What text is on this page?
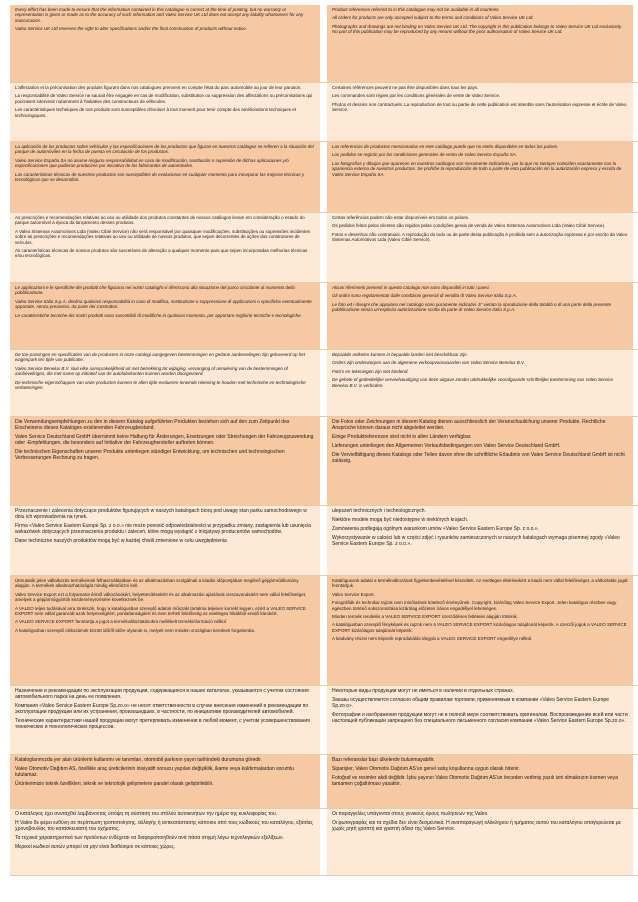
Every effort has been made to ensure that the information contained in this catalogue is correct at the time of printing, but no warranty or representation is given or made as to the accuracy of such information and Valeo Service UK Ltd does not accept any liability whatsoever for any inaccuracies.

Valeo Service UK Ltd reserves the right to alter specifications and/or the final construction of products without notice.

Product references referred to in this catalogue may not be available in all countries.

All orders for products are only accepted subject to the terms and conditions of Valeo Service UK Ltd.

Photographs and drawings are not binding on Valeo Service UK Ltd. The copyright in this publication belongs to Valeo Service UK Ltd exclusively. No part of this publication may be reproduced by any means without the prior authorisation of Valeo Service UK Ltd.

L'affectation et la préconisation des produits figurant dans nos catalogues prennent en compte l'état du parc automobile au jour de leur parution.

La responsabilité de Valeo Service ne saurait être engagée en cas de modification, substitution ou suppression des affectations ou préconisations qui pourraient intervenir notamment à l'initiative des constructeurs de véhicules.

Les caractéristiques techniques de nos produits sont susceptibles d'évoluer à tout moment pour tenir compte des améliorations techniques et technologiques.

Certaines références peuvent ne pas être disponibles dans tous les pays.

Les commandes sont régies par les conditions générales de vente de Valeo Service.

Photos et dessins non contractuels. La reproduction de tout ou partie de cette publication est interdite sans l'autorisation expresse et écrite de Valeo Service.

La aplicación de los productos sobre vehículos y las especificaciones de los productos que figuran en nuestros catálogos se refieren a la situación del parque de automóviles en la fecha de puesta en circulación de los productos.

Valeo Service España SA no asume ninguna responsabilidad en caso de modificación, sustitución o supresión de dichas aplicaciones y/o especificaciones que pudieran producirse por iniciativa de los fabricantes de automóviles.

Las características técnicas de nuestros productos son susceptibles de evolucionar en cualquier momento para incorporar las mejoras técnicas y tecnológicas que se desarrollan.

Las referencias de productos mencionadas en este catálogo puede que no estén disponibles en todos los países.

Los pedidos se regirán por las condiciones generales de venta de Valeo Service España SA.

Las fotografías y dibujos que aparecen en nuestros catálogos son meramente indicativas, por lo que no siempre coinciden exactamente con la apariencia externa de nuestros productos. Se prohíbe la reproducción de todo o parte de esta publicación sin la autorización expresa y escrita de Valeo Service España SA.

As prescrições e recomendações relativas ao uso ou utilidade dos produtos constantes de nossos catálogos levam em consideração o estado do parque automóvel à época da lançamento desses produtos.

A Valeo Sistemas Automotivos Ltda (Valeo Cibié Service) não será responsável por quaisquer modificações, substituições ou supressões incidentes sobre as prescrições e recomendações relativas ao uso ou utilidade de nossos produtos, que sejam decorrentes de ações dos construtores de veículos.

As características técnicas de nossos produtos são suscetíveis de alteração a qualquer momento para que sejam incorporadas melhorias técnicas e/ou tecnológicas.

Certas referências podem não estar disponíveis em todos os países.

Os pedidos feitos pelos clientes são regidos pelas condições gerais de venda de Valeo Sistemas Automotivos Ltda (Valeo Cibié Service).

Fotos e desenhos não contratuais. A reprodução do todo ou de parte desta publicação é proibida sem a autorização expressa e por escrito da Valeo Sistemas Automotivos Ltda (Valeo Cibié Service).

Le applicazioni e le specifiche dei prodotti che figurano nei nostri cataloghi si riferiscono alla situazione del parco circolante al momento della pubblicazione.

Valeo Service Italia S.p.A. declina qualsiasi responsabilità in caso di modifica, sostituzione o soppressione di applicazioni o specifiche eventualmente apportate, senza preavviso, da parte dei Costruttori.

Le caratteristiche tecniche dei nostri prodotti sono suscettibili di modifiche in qualsiasi momento, per apportare migliorie tecniche e tecnologiche.

Alcuni riferimenti presenti in questo catalogo non sono disponibili in tutti i paesi.

Gli ordini sono regolamentati dalle condizioni generali di vendita di Valeo Service Italia S.p.A.

Le foto ed i disegni che appaiono nel catalogo sono puramente indicativi. E' vietata la riproduzione della totalità o di una parte della presente pubblicazione senza un'esplicita autorizzazione scritta da parte di Valeo Service Italia S.p.A.

De toe-passingen en specificaties van de producten in onze catalogi aangegeven bestemmingen en gedane aanbevelingen zijn gebaseerd op het wagenpark ten tijde van publicatie.

Valeo Service Benelux B.V. sluit elke aansprakelijkheid uit met betrekking tot wijziging, vervanging of annulering van de bestemmingen of aanbevelingen, die met name op initiatief van de autofabrikanten kunnen worden doorgevoerd.

De technische eigenschappen van onze producten kunnen te allen tijde evolueren teneinde rekening te houden met technische en technologische verbeteringen.

Bepaalde artikelen kunnen in bepaalde landen niet beschikbaar zijn.

Orders zijn onderworpen aan de algemene verkoopvoorwaarden van Valeo Service Benelux B.V.

Foto's en tekeningen zijn niet bindend.

De gehele of gedeeltelijke verveelvoudiging van deze uitgave zonder uitdrukkelijke voorafgaande schriftelijke toestemming van Valeo Service Benelux B.V. is verboden.

Die Verwendungsempfehlungen zu den in diesem Katalog aufgeführten Produkten beziehen sich auf den zum Zeitpunkt des Erscheinens dieses Kataloges existierenden Fahrzeugbestand.

Valeo Service Deutschland GmbH übernimmt keine Haftung für Änderungen, Ersetzungen oder Streichungen der Fahrzeugzuwendung oder -Empfehlungen, die besonders auf Initiative der Fahrzeughersteller auftreten können.

Die technischen Eigenschaften unserer Produkte unterliegen ständiger Entwicklung, um technischen und technologischen Verbesserungen Rechnung zu tragen.

Die Fotos oder Zeichnungen in diesem Katalog dienen ausschliesslich der Veranschaulichung unserer Produkte. Rechtliche Ansprüche können daraus nicht abgeleitet werden.

Einige Produktreferenzen sind nicht in allen Ländern verfügbar.

Lieferungen unterliegen den Allgemeinen Verkaufsbedingungen von Valeo Service Deutschland GmbH.

Die Vervielfältigung dieses Katalogs oder Teilen davon ohne die schriftliche Erlaubnis von Valeo Service Deutschland GmbH ist nicht zulässig.

Przeznaczenie i zalecenia dotyczące produktów figurujących w naszych katalogach biorą pod uwagę stan parku samochodowego w dniu ich wprowadzenia na rynek.

Firma «Valeo Service Eastern Europe Sp. z o.o.» nie może ponosić odpowiedzialności w przypadku zmiany, zastąpienia lub usunięcia wskazówek dotyczących przeznaczenia produktu i zaleceń, które mogą wystąpić z inicjatywy producentów samochodów.

Dane techniczne naszych produktów mogą być w każdej chwili zmienione w celu uwzględnienia

ulepszeń technicznych i technologicznych.

Niektóre modele mogą być niedostępne w niektórych krajach.

Zamówienia podlegają ogólnym warunkom umów «Valeo Service Eastern Europe Sp. z o.o.».

Wykorzystywanie w całości lub w części zdjęć i rysunków zamieszczonych w naszych katalogach wymaga pisemnej zgody «Valeo Service Eastern Europe Sp. z o.o.».

Útmutatók jelen vállalkozás termékeinek felhasználásában és az alkalmazásban szolgálnak a kiadás időpontjában meglévő gépjárműállomány alapján. A termékek alkalmazhatóságát mindig ellenőrizni kell.

Valeo Service Export ezt a folyamatot érintő változásokért, helyettesítésekért és az alkalmazási ajánlások visszavonásáért nem vállal felelősséget, amelyek a gépjárműgyártók kezdeményezésére következnek be.

A VALEO teljes tudásával arra törekszik, hogy a katalógusban szereplő adatok műszaki tartalma teljesen korrekt legyen, ezért a VALEO SERVICE EXPORT nem vállal garanciát azok helyességéért, pontatlanságáért és nem terheli felelősség az esetleges hibákból eredő károkért.

A VALEO SERVICE EXPORT fenntartja a jogot a termékváltoztatásokra mellékelt termékinformáció nélkül.

A katalógusban szereplő cikkszámok között időről-időre olyanok is, melyek nem minden országban kerülnek forgalomba.

Katalógusunk adatai a termékváltozások figyelembevételével készültek. Az esetleges eltérésekért a kiadó nem vállal felelősséget, a változtatás jogát fenntartjuk.

Valeo Service Export.

Fotográfiák és technikai rajzok nem minősülnek kötelező érvényűnek. Copyright, kizárólag Valeo Service Export. Jelen katalógus részben vagy egészben történő sokszorosítása kizárólag előzetes írásos engedéllyel lehetséges.

Minden termék rendelés a VALEO SERVICE EXPORT szerződéses feltételei alapján történik.

A katalógusban szereplő fényképek és rajzok nem a VALEO SERVICE EXPORT kizárólagos tulajdonát képezik. A szerzői jogok a VALEO SERVICE EXPORT kizárólagos tulajdonát képezik.

A kiadvány részei nem képezik reprodukálás tárgyát a VALEO SERVICE EXPORT engedélye nélkül.

Назначение и рекомендации по эксплуатации продукции, содержащиеся в наших каталогах, указываются с учетом состояния автомобильного парка на день ее появления.

Компания «Valeo Service Eastern Europe Sp.zo.o» не несет ответственности в случае внесения изменений в рекомендации по эксплуатации продукции или их устранения, произошедших, в частности, по инициативе производителей автомобилей.

Технические характеристики нашей продукции могут претерпевать изменения в любой момент, с учетом усовершенствования технических и технологических процессов.

Некоторые виды продукции могут не иметься в наличии в отдельных странах.

Заказы осуществляются согласно общим правилам торговли, применяемым в компании «Valeo Service Eastern Europe Sp.zo.o».

Фотографии и изображения продукции могут не в полной мере соответствовать оригиналам. Воспроизведение всей или части настоящей публикации запрещено без специального письменного согласия компании «Valeo Service Eastern Europe Sp.zo.o».

Kataloglarımızda yer alan ürünlerin kullanımı ve tanımları, otomobil parkının yayın tarihindeki durumuna göredir.

Valeo Otomotiv Dağıtım AS, özellikle araç üreticilerinin inisiyatifi sonucu yapılan değişiklik, ikame veya kaldırmalardan sorumlu tutulamaz.

Ürünlerimizin teknik özellikleri, teknik ve teknolojik gelişmelere paralel olarak geliştirilebilir.

Bazı referanslar bazı ülkelerde bulunmayabilir.

Siparişler, Valeo Otomotiv Dağıtım AS'un genel satış koşullarına uygun olarak ödenir.

Fotoğraf ve resimler akdi değildir. İşbu yayının Valeo Otomotiv Dağıtım AS'un önceden verilmiş yazılı izni olmaksızın kısmen veya tamamen çoğaltılması yasaktır.

Ο κατάλογος έχει συνταχθεί λαμβάνοντας υπόψη τη σύσταση του στόλου αυτοκινήτων την ημέρα της κυκλοφορίας του.

Η Valeo δε φέρει ευθύνη σε περίπτωση τροποποίησης, αλλαγής ή αντικατάστασης κάποιου από τους κωδικούς του καταλόγου, εξαιτίας χρονοβουλίας του κατασκευαστή του οχήματος.

Τα τεχνικά χαρακτηριστικά των προϊόντων ενδέχεται να διαφοροποιηθούν ανά πάσα στιγμή λόγω τεχνολογικών εξελίξεων.

Μερικοί κωδικοί αυτών μπορεί να μην είναι διαθέσιμοι σε κάποιες χώρες.

Οι παραγγελίες υπάγονται στους γενικούς όρους πωλήσεων της Valeo.

Οι φωτογραφίες και τα σχέδια δεν είναι δεσμευτικά. Η αναπαραγωγή ολόκληρου ή τμήματος αυτού του καταλόγου απαγορεύεται με χωρίς ρητή γραπτή και γραπτή άδεια της Valeo Service.
